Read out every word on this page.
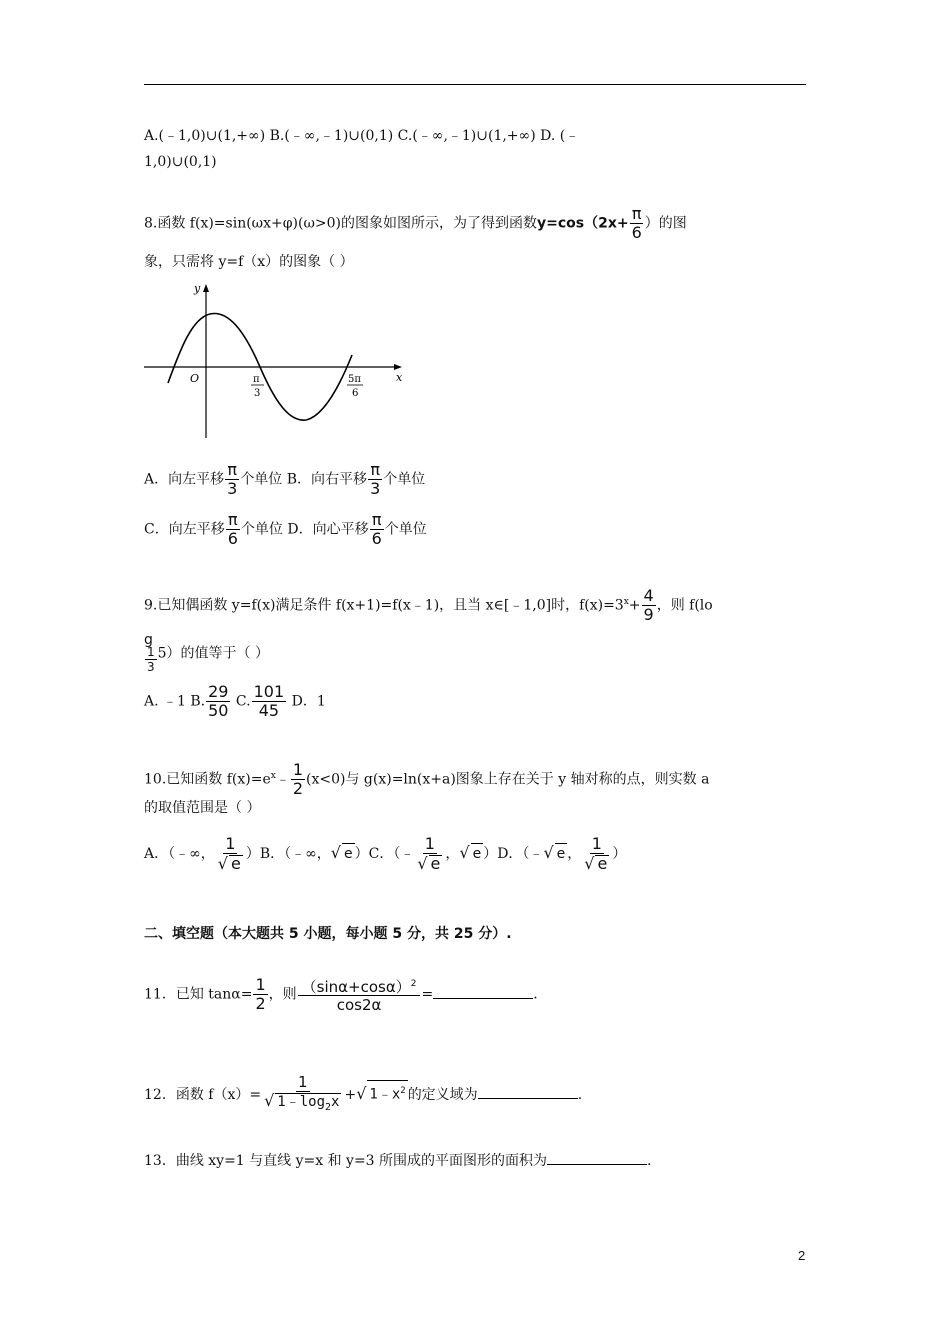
A.(﹣1,0)∪(1,+∞) B.(﹣∞,﹣1)∪(0,1) C.(﹣∞,﹣1)∪(1,+∞) D. (﹣
1,0)∪(0,1)
8.函数 f(x)=sin(ωx+φ)(ω>0)的图象如图所示，为了得到函数$y=\cos(2x+ \frac{\pi}{6}$ ）的图
象，只需将 y=f（x）的图象（ ）
y
x
O	π
3
5π
6
A．向左平移 $\frac{\pi}{3}$ 个单位 B．向右平移 $\frac{\pi}{3}$ 个单位
C．向左平移 $\frac{\pi}{6}$ 个单位 D．向心平移 $\frac{\pi}{6}$ 个单位
9.已知偶函数 y=f(x)满足条件 f(x+1)=f(x﹣1)，且当 x∈[﹣1,0]时，$f(x)=3^x+ \frac{4}{9}$ ，则 f(lo
g
$\frac{1}{3} 5$）的值等于（ ）
A. ﹣1 B. $\frac{29}{50} C$. $\frac{101}{45}$ D．1
10.已知函数 $f(x)=e^x﹣ \frac{1}{2} (x<0)$与 g(x)=ln(x+a)图象上存在关于 y 轴对称的点，则实数 a
的取值范围是（ ）
A．（﹣∞， $\frac{1}{√ e} )B$．（﹣∞，√ e ）C．（﹣ $\frac{1}{√ e}$ ，√ e ）D．（﹣√ e ， $\frac{1}{√ e}$ ）
二、填空题（本大题共 5 小题，每小题 5 分，共 25 分）.
11．已知 $\tan\alpha= \frac{1}{2}$ ，则 $\frac{(\sin\alpha+\cos\alpha)^2}{\cos 2\alpha}$ =	.
12．函数 $f(x)= \frac{1}{√ 1﹣\log_2x}$ +√ $1﹣x^2$ 的定义域为	.
13．曲线 xy=1 与直线 y=x 和 y=3 所围成的平面图形的面积为	.
2
